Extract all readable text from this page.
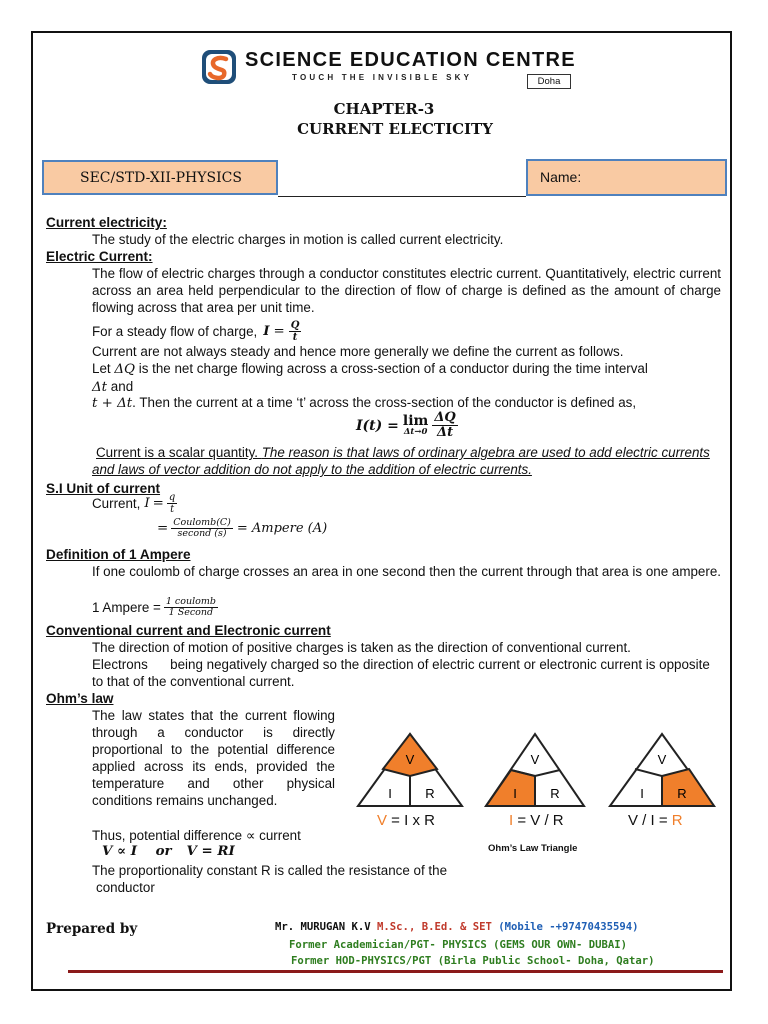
SCIENCE EDUCATION CENTRE
TOUCH THE INVISIBLE SKY	Doha
CHAPTER-3
CURRENT ELECTICITY
SEC/STD-XII-PHYSICS	Name:
Current electricity:
The study of the electric charges in motion is called current electricity.
Electric Current:
The flow of electric charges through a conductor constitutes electric current. Quantitatively, electric current across an area held perpendicular to the direction of flow of charge is defined as the amount of charge flowing across that area per unit time.
For a steady flow of charge, $I = \frac{Q}{t}$
Current are not always steady and hence more generally we define the current as follows.
Let ΔQ is the net charge flowing across a cross-section of a conductor during the time interval
Δt and
t + Δt. Then the current at a time ‘t’ across the cross-section of the conductor is defined as,
I(t) = lim
$\Delta t\to 0 \frac{\Delta Q}{\Delta t}$
Current is a scalar quantity. The reason is that laws of ordinary algebra are used to add electric currents and laws of vector addition do not apply to the addition of electric currents.
S.I Unit of current
Current, $I = \frac{q}{t}$
= $\frac{\text{Coulomb(C)}}{\text{second (s)}}$ = Ampere (A)
Definition of 1 Ampere
If one coulomb of charge crosses an area in one second then the current through that area is one ampere.
1 Ampere = $\frac{\text{1 coulomb}}{\text{1 Second}}$
Conventional current and Electronic current
The direction of motion of positive charges is taken as the direction of conventional current.
Electrons      being negatively charged so the direction of electric current or electronic current is opposite to that of the conventional current.
Ohm’s law
The law states that the current flowing through a conductor is directly proportional to the potential difference applied across its ends, provided the temperature and other physical conditions remains unchanged.
Thus, potential difference ∝ current
V ∝ I or V = RI
The proportionality constant R is called the resistance of the
conductor
V
I	R
V
I	R
V
I	R
V = I x R	I = V / R	V / I = R
Ohm’s Law Triangle
Prepared by	Mr. MURUGAN K.V M.Sc., B.Ed. & SET (Mobile -+97470435594)
Former Academician/PGT- PHYSICS (GEMS OUR OWN- DUBAI)
Former HOD-PHYSICS/PGT (Birla Public School- Doha, Qatar)
